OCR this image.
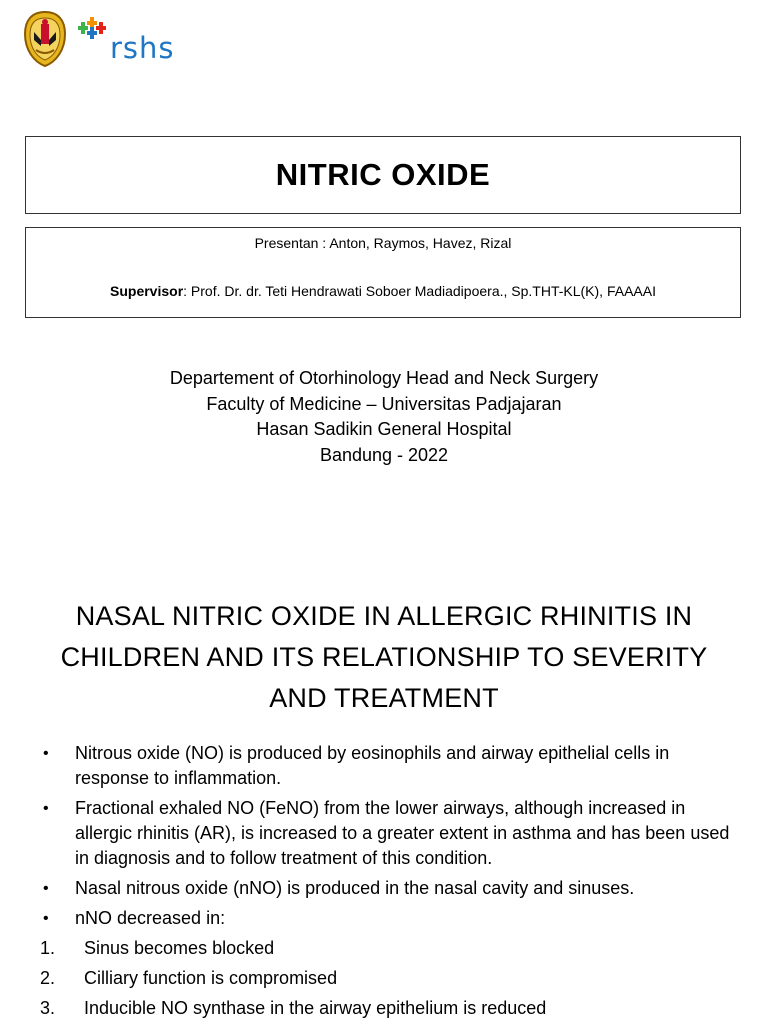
rshs
NITRIC OXIDE
Presentan : Anton, Raymos, Havez, Rizal
Supervisor: Prof. Dr. dr. Teti Hendrawati Soboer Madiadipoera., Sp.THT-KL(K), FAAAAI
Departement of Otorhinology Head and Neck Surgery
Faculty of Medicine – Universitas Padjajaran
Hasan Sadikin General Hospital
Bandung - 2022
NASAL NITRIC OXIDE IN ALLERGIC RHINITIS IN CHILDREN AND ITS RELATIONSHIP TO SEVERITY AND TREATMENT
•	Nitrous oxide (NO) is produced by eosinophils and airway epithelial cells in response to inflammation.
•	Fractional exhaled NO (FeNO) from the lower airways, although increased in allergic rhinitis (AR), is increased to a greater extent in asthma and has been used in diagnosis and to follow treatment of this condition.
•	Nasal nitrous oxide (nNO) is produced in the nasal cavity and sinuses.
•	nNO decreased in:
1.	Sinus becomes blocked
2.	Cilliary function is compromised
3.	Inducible NO synthase in the airway epithelium is reduced
